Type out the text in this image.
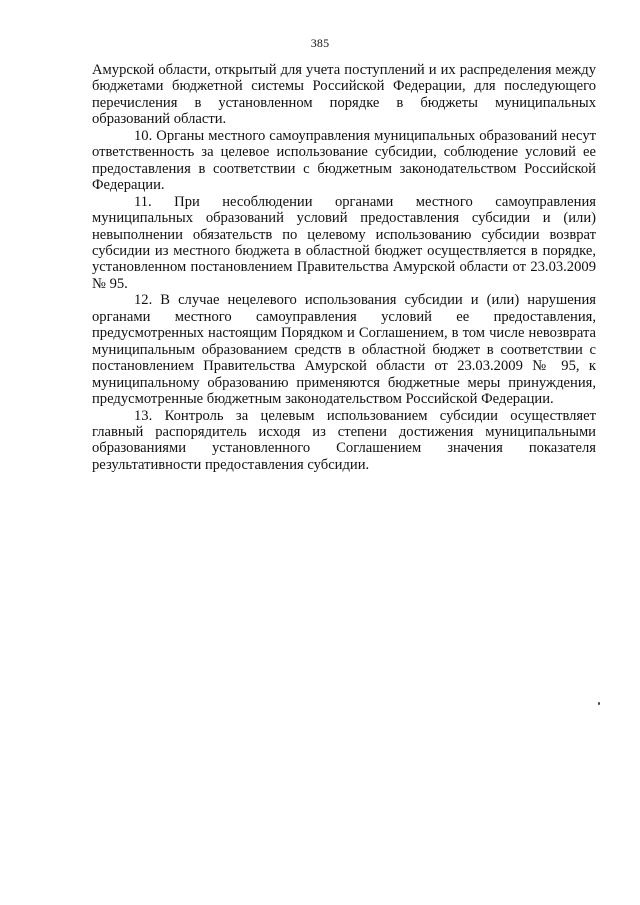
385

Амурской области, открытый для учета поступлений и их распределения между бюджетами бюджетной системы Российской Федерации, для последующего перечисления в установленном порядке в бюджеты муниципальных образований области.

10. Органы местного самоуправления муниципальных образований несут ответственность за целевое использование субсидии, соблюдение условий ее предоставления в соответствии с бюджетным законодательством Российской Федерации.

11. При несоблюдении органами местного самоуправления муниципальных образований условий предоставления субсидии и (или) невыполнении обязательств по целевому использованию субсидии возврат субсидии из местного бюджета в областной бюджет осуществляется в порядке, установленном постановлением Правительства Амурской области от 23.03.2009 № 95.

12. В случае нецелевого использования субсидии и (или) нарушения органами местного самоуправления условий ее предоставления, предусмотренных настоящим Порядком и Соглашением, в том числе невозврата муниципальным образованием средств в областной бюджет в соответствии с постановлением Правительства Амурской области от 23.03.2009 № 95, к муниципальному образованию применяются бюджетные меры принуждения, предусмотренные бюджетным законодательством Российской Федерации.

13. Контроль за целевым использованием субсидии осуществляет главный распорядитель исходя из степени достижения муниципальными образованиями установленного Соглашением значения показателя результативности предоставления субсидии.
